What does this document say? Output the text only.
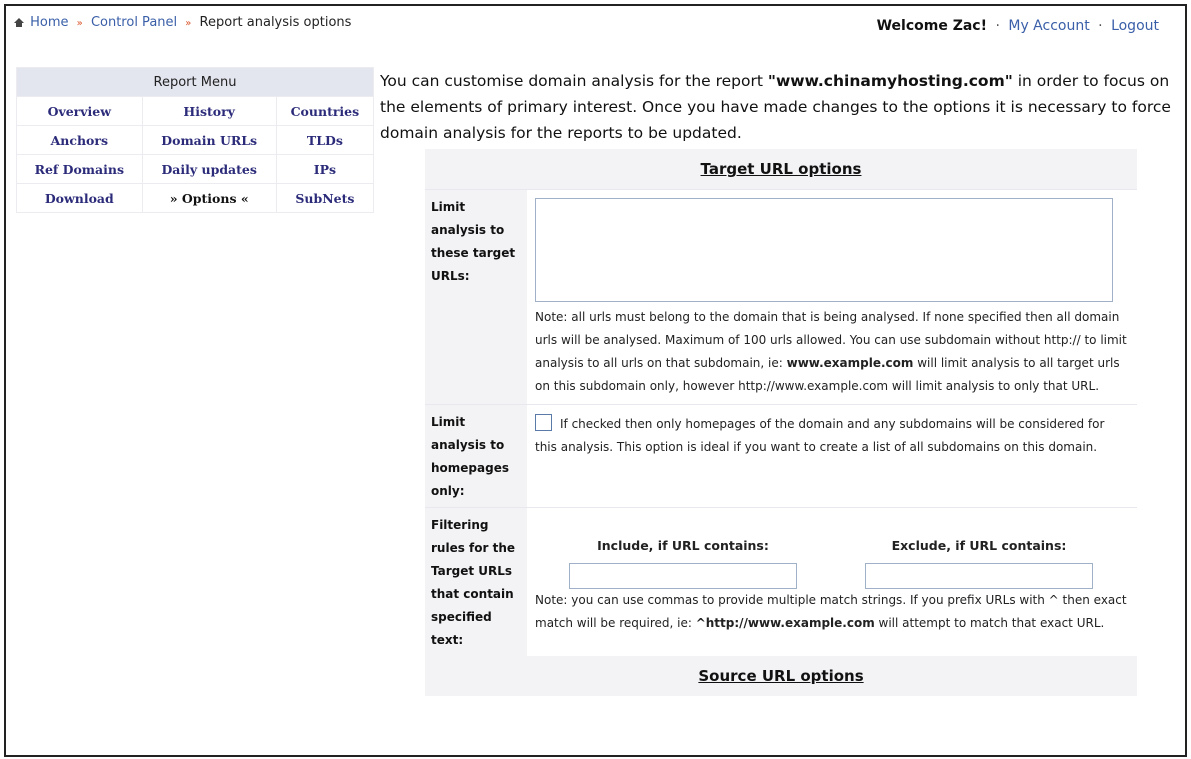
Home » Control Panel » Report analysis options	Welcome Zac! · My Account · Logout
Report Menu		
Overview	History	Countries
Anchors	Domain URLs	TLDs
Ref Domains	Daily updates	IPs
Download	» Options «	SubNets
You can customise domain analysis for the report "www.chinamyhosting.com" in order to focus on the elements of primary interest. Once you have made changes to the options it is necessary to force domain analysis for the reports to be updated.
Target URL options	
Limit analysis to these target URLs:	Note: all urls must belong to the domain that is being analysed. If none specified then all domain urls will be analysed. Maximum of 100 urls allowed. You can use subdomain without http:// to limit analysis to all urls on that subdomain, ie: www.example.com will limit analysis to all target urls on this subdomain only, however http://www.example.com will limit analysis to only that URL.

Limit analysis to homepages only:	If checked then only homepages of the domain and any subdomains will be considered for this analysis. This option is ideal if you want to create a list of all subdomains on this domain.

Filtering rules for the Target URLs that contain specified text:	Include, if URL contains: Exclude, if URL contains:
Note: you can use commas to provide multiple match strings. If you prefix URLs with ^ then exact match will be required, ie: ^http://www.example.com will attempt to match that exact URL.

Source URL options	
